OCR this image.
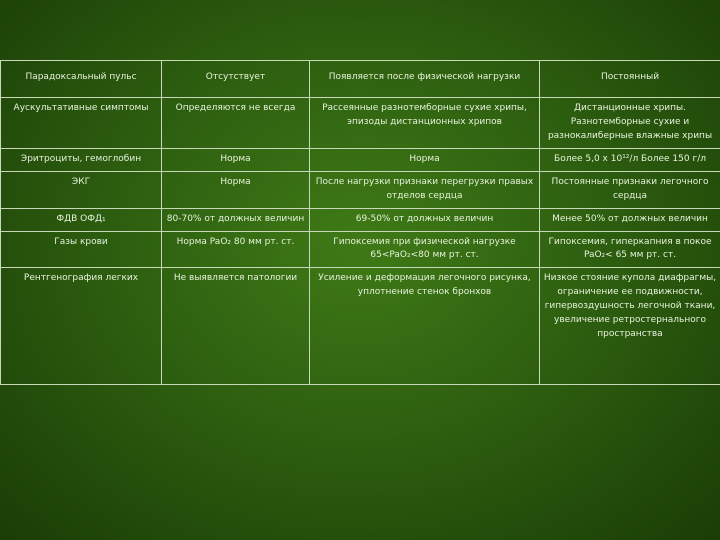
Парадоксальный пульс	Отсутствует	Появляется после физической нагрузки	Постоянный
Аускультативные симптомы	Определяются не всегда	Рассеянные разнотемборные сухие хрипы, эпизоды дистанционных хрипов	Дистанционные хрипы. Разнотемборные сухие и разнокалиберные влажные хрипы
Эритроциты, гемоглобин	Норма	Норма	Более 5,0 x 10¹²/л Более 150 г/л
ЭКГ	Норма	После нагрузки признаки перегрузки правых отделов сердца	Постоянные признаки легочного сердца
ФДВ ОФД₁	80-70% от должных величин	69-50% от должных величин	Менее 50% от должных величин
Газы крови	Норма PaO₂ 80 мм рт. ст.	Гипоксемия при физической нагрузке 65<PaO₂<80 мм рт. ст.	Гипоксемия, гиперкапния в покое PaO₂< 65 мм рт. ст.
Рентгенография легких	Не выявляется патологии	Усиление и деформация легочного рисунка, уплотнение стенок бронхов	Низкое стояние купола диафрагмы, ограничение ее подвижности, гипервоздушность легочной ткани, увеличение ретростернального пространства
